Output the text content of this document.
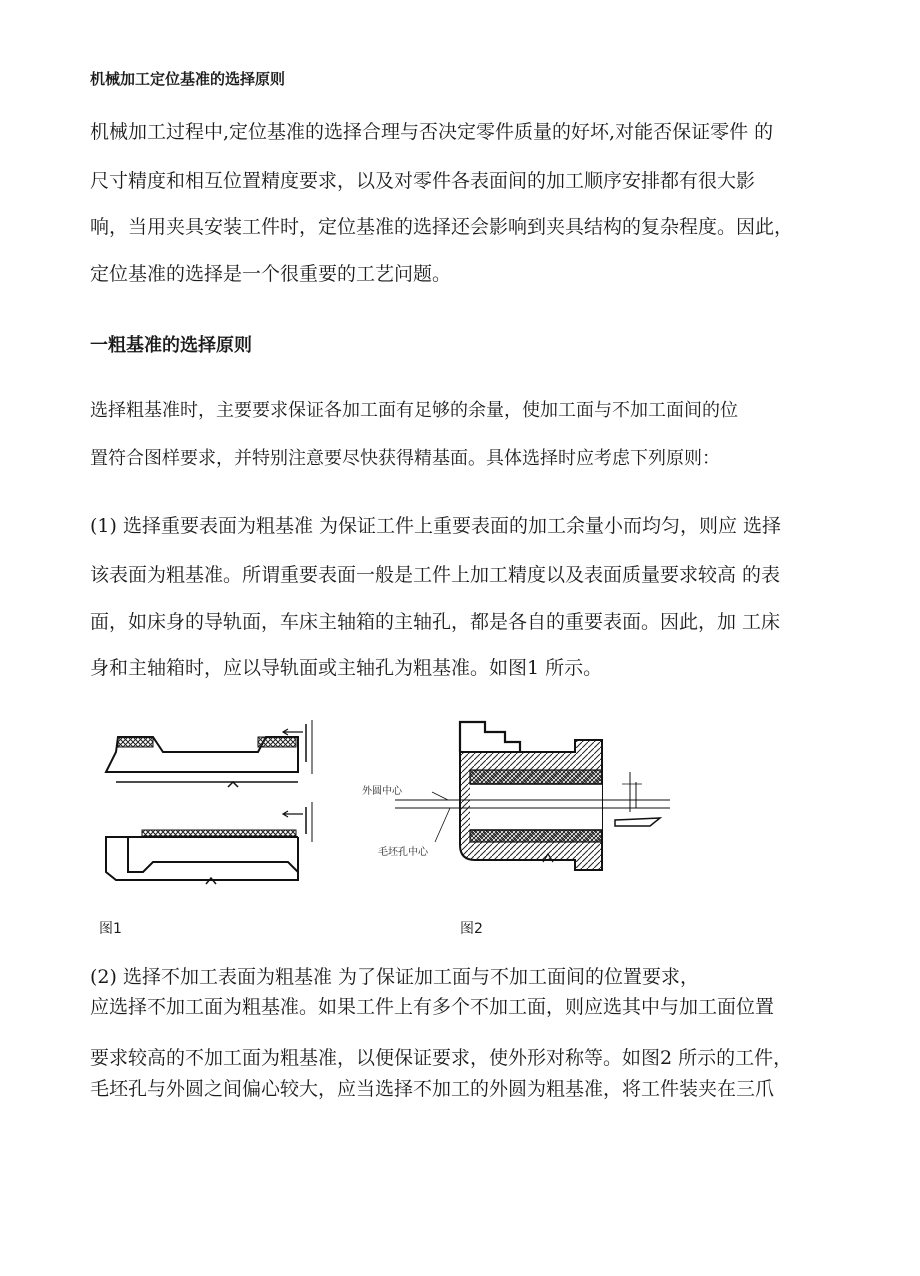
机械加工定位基准的选择原则

机械加工过程中,定位基准的选择合理与否决定零件质量的好坏,对能否保证零件 的

尺寸精度和相互位置精度要求，以及对零件各表面间的加工顺序安排都有很大影

响，当用夹具安装工件时，定位基准的选择还会影响到夹具结构的复杂程度。因此，

定位基准的选择是一个很重要的工艺问题。

一粗基准的选择原则

选择粗基准时，主要要求保证各加工面有足够的余量，使加工面与不加工面间的位

置符合图样要求，并特别注意要尽快获得精基面。具体选择时应考虑下列原则：

(1) 选择重要表面为粗基准 为保证工件上重要表面的加工余量小而均匀，则应 选择

该表面为粗基准。所谓重要表面一般是工件上加工精度以及表面质量要求较高 的表

面，如床身的导轨面，车床主轴箱的主轴孔，都是各自的重要表面。因此，加 工床

身和主轴箱时，应以导轨面或主轴孔为粗基准。如图1 所示。

图1

外圆中心
毛坯孔中心

图2

(2) 选择不加工表面为粗基准 为了保证加工面与不加工面间的位置要求，

应选择不加工面为粗基准。如果工件上有多个不加工面，则应选其中与加工面位置

要求较高的不加工面为粗基准，以便保证要求，使外形对称等。如图2 所示的工件，

毛坯孔与外圆之间偏心较大，应当选择不加工的外圆为粗基准，将工件装夹在三爪
